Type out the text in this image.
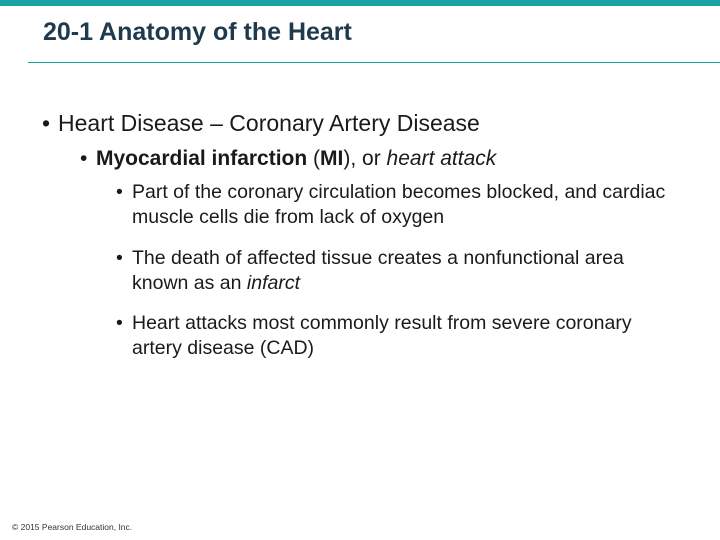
20-1 Anatomy of the Heart
• Heart Disease – Coronary Artery Disease
• Myocardial infarction (MI), or heart attack
• Part of the coronary circulation becomes blocked, and cardiac muscle cells die from lack of oxygen
• The death of affected tissue creates a nonfunctional area known as an infarct
• Heart attacks most commonly result from severe coronary artery disease (CAD)
© 2015 Pearson Education, Inc.
